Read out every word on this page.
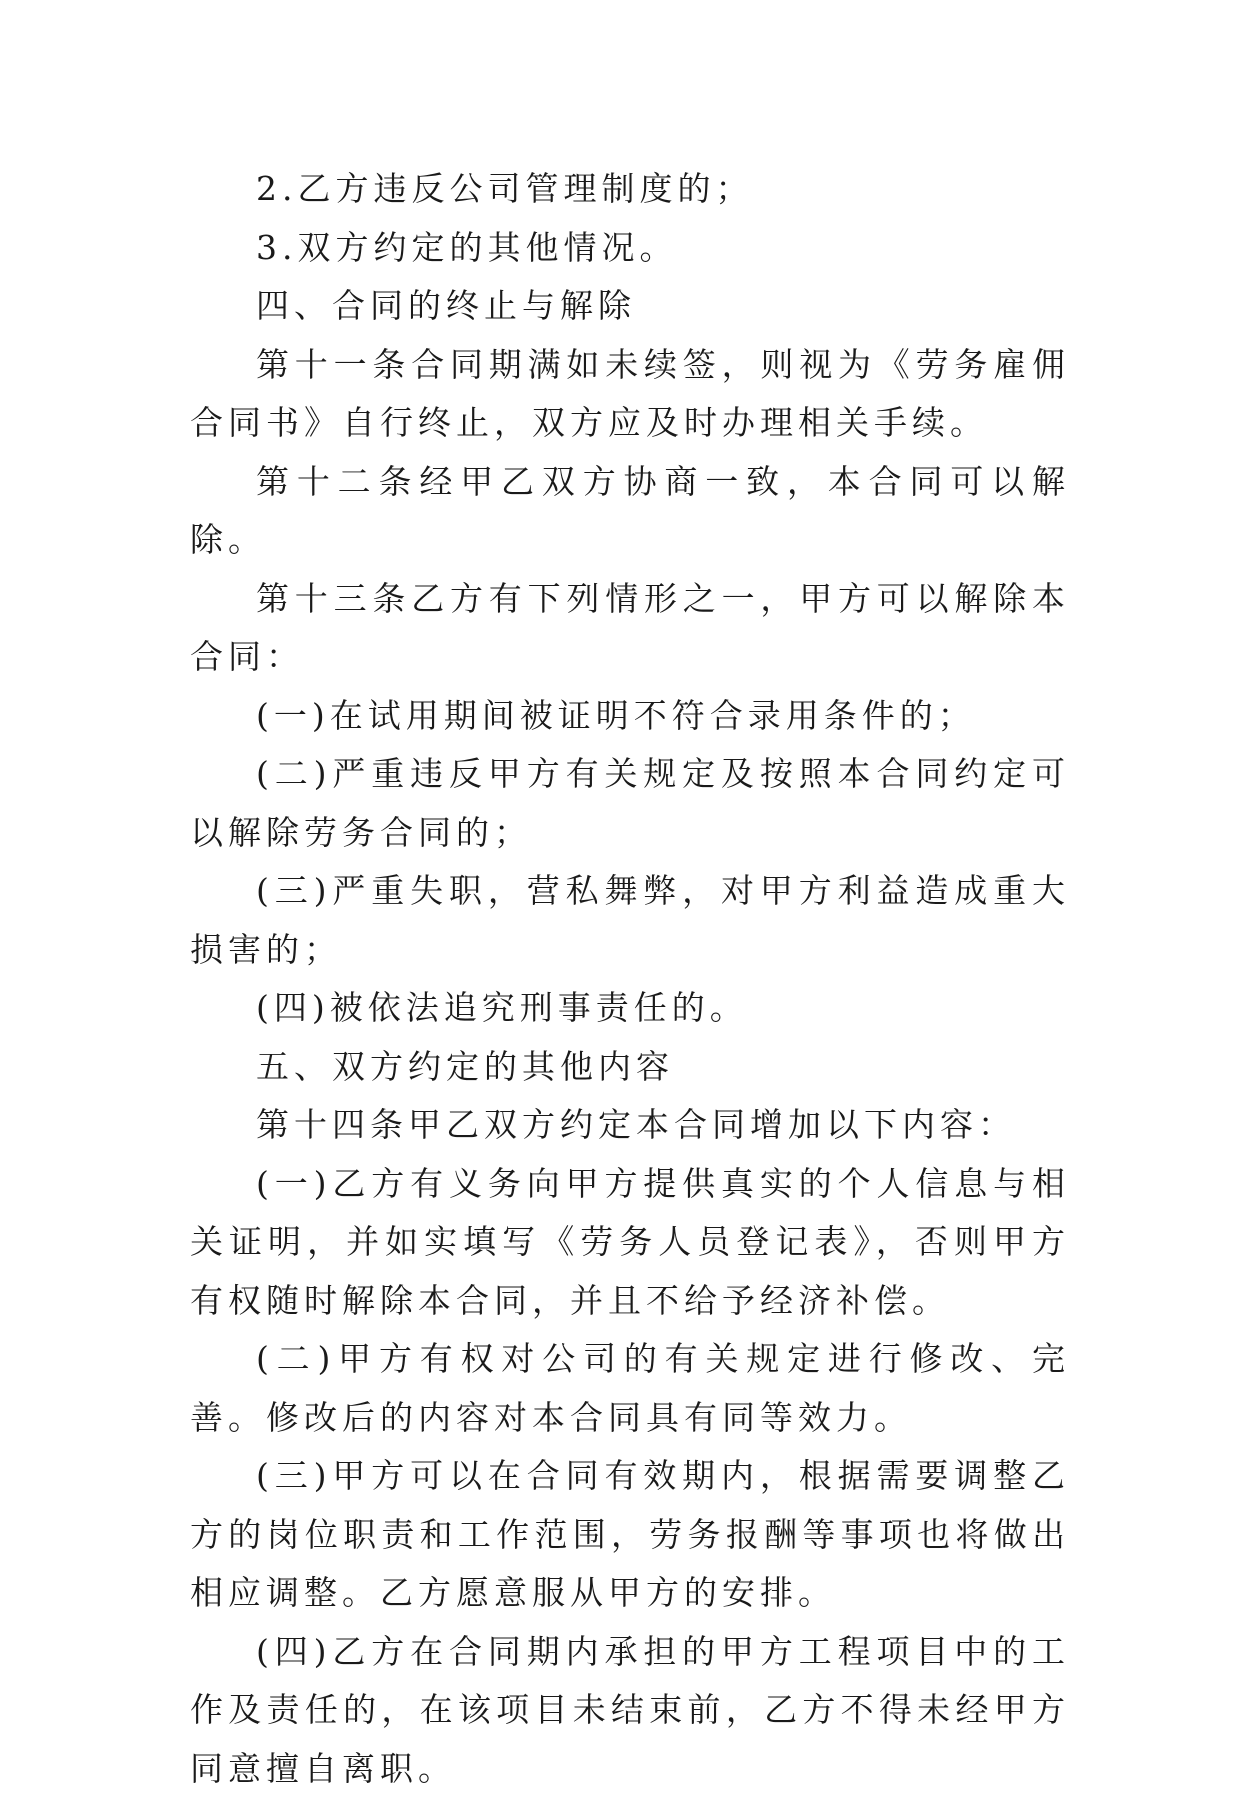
2.乙方违反公司管理制度的；

3.双方约定的其他情况。

四、合同的终止与解除

第十一条合同期满如未续签，则视为《劳务雇佣合同书》自行终止，双方应及时办理相关手续。

第十二条经甲乙双方协商一致，本合同可以解除。

第十三条乙方有下列情形之一，甲方可以解除本合同：

(一)在试用期间被证明不符合录用条件的；

(二)严重违反甲方有关规定及按照本合同约定可以解除劳务合同的；

(三)严重失职，营私舞弊，对甲方利益造成重大损害的；

(四)被依法追究刑事责任的。

五、双方约定的其他内容

第十四条甲乙双方约定本合同增加以下内容：

(一)乙方有义务向甲方提供真实的个人信息与相关证明，并如实填写《劳务人员登记表》，否则甲方有权随时解除本合同，并且不给予经济补偿。

(二)甲方有权对公司的有关规定进行修改、完善。修改后的内容对本合同具有同等效力。

(三)甲方可以在合同有效期内，根据需要调整乙方的岗位职责和工作范围，劳务报酬等事项也将做出相应调整。乙方愿意服从甲方的安排。

(四)乙方在合同期内承担的甲方工程项目中的工作及责任的，在该项目未结束前，乙方不得未经甲方同意擅自离职。
